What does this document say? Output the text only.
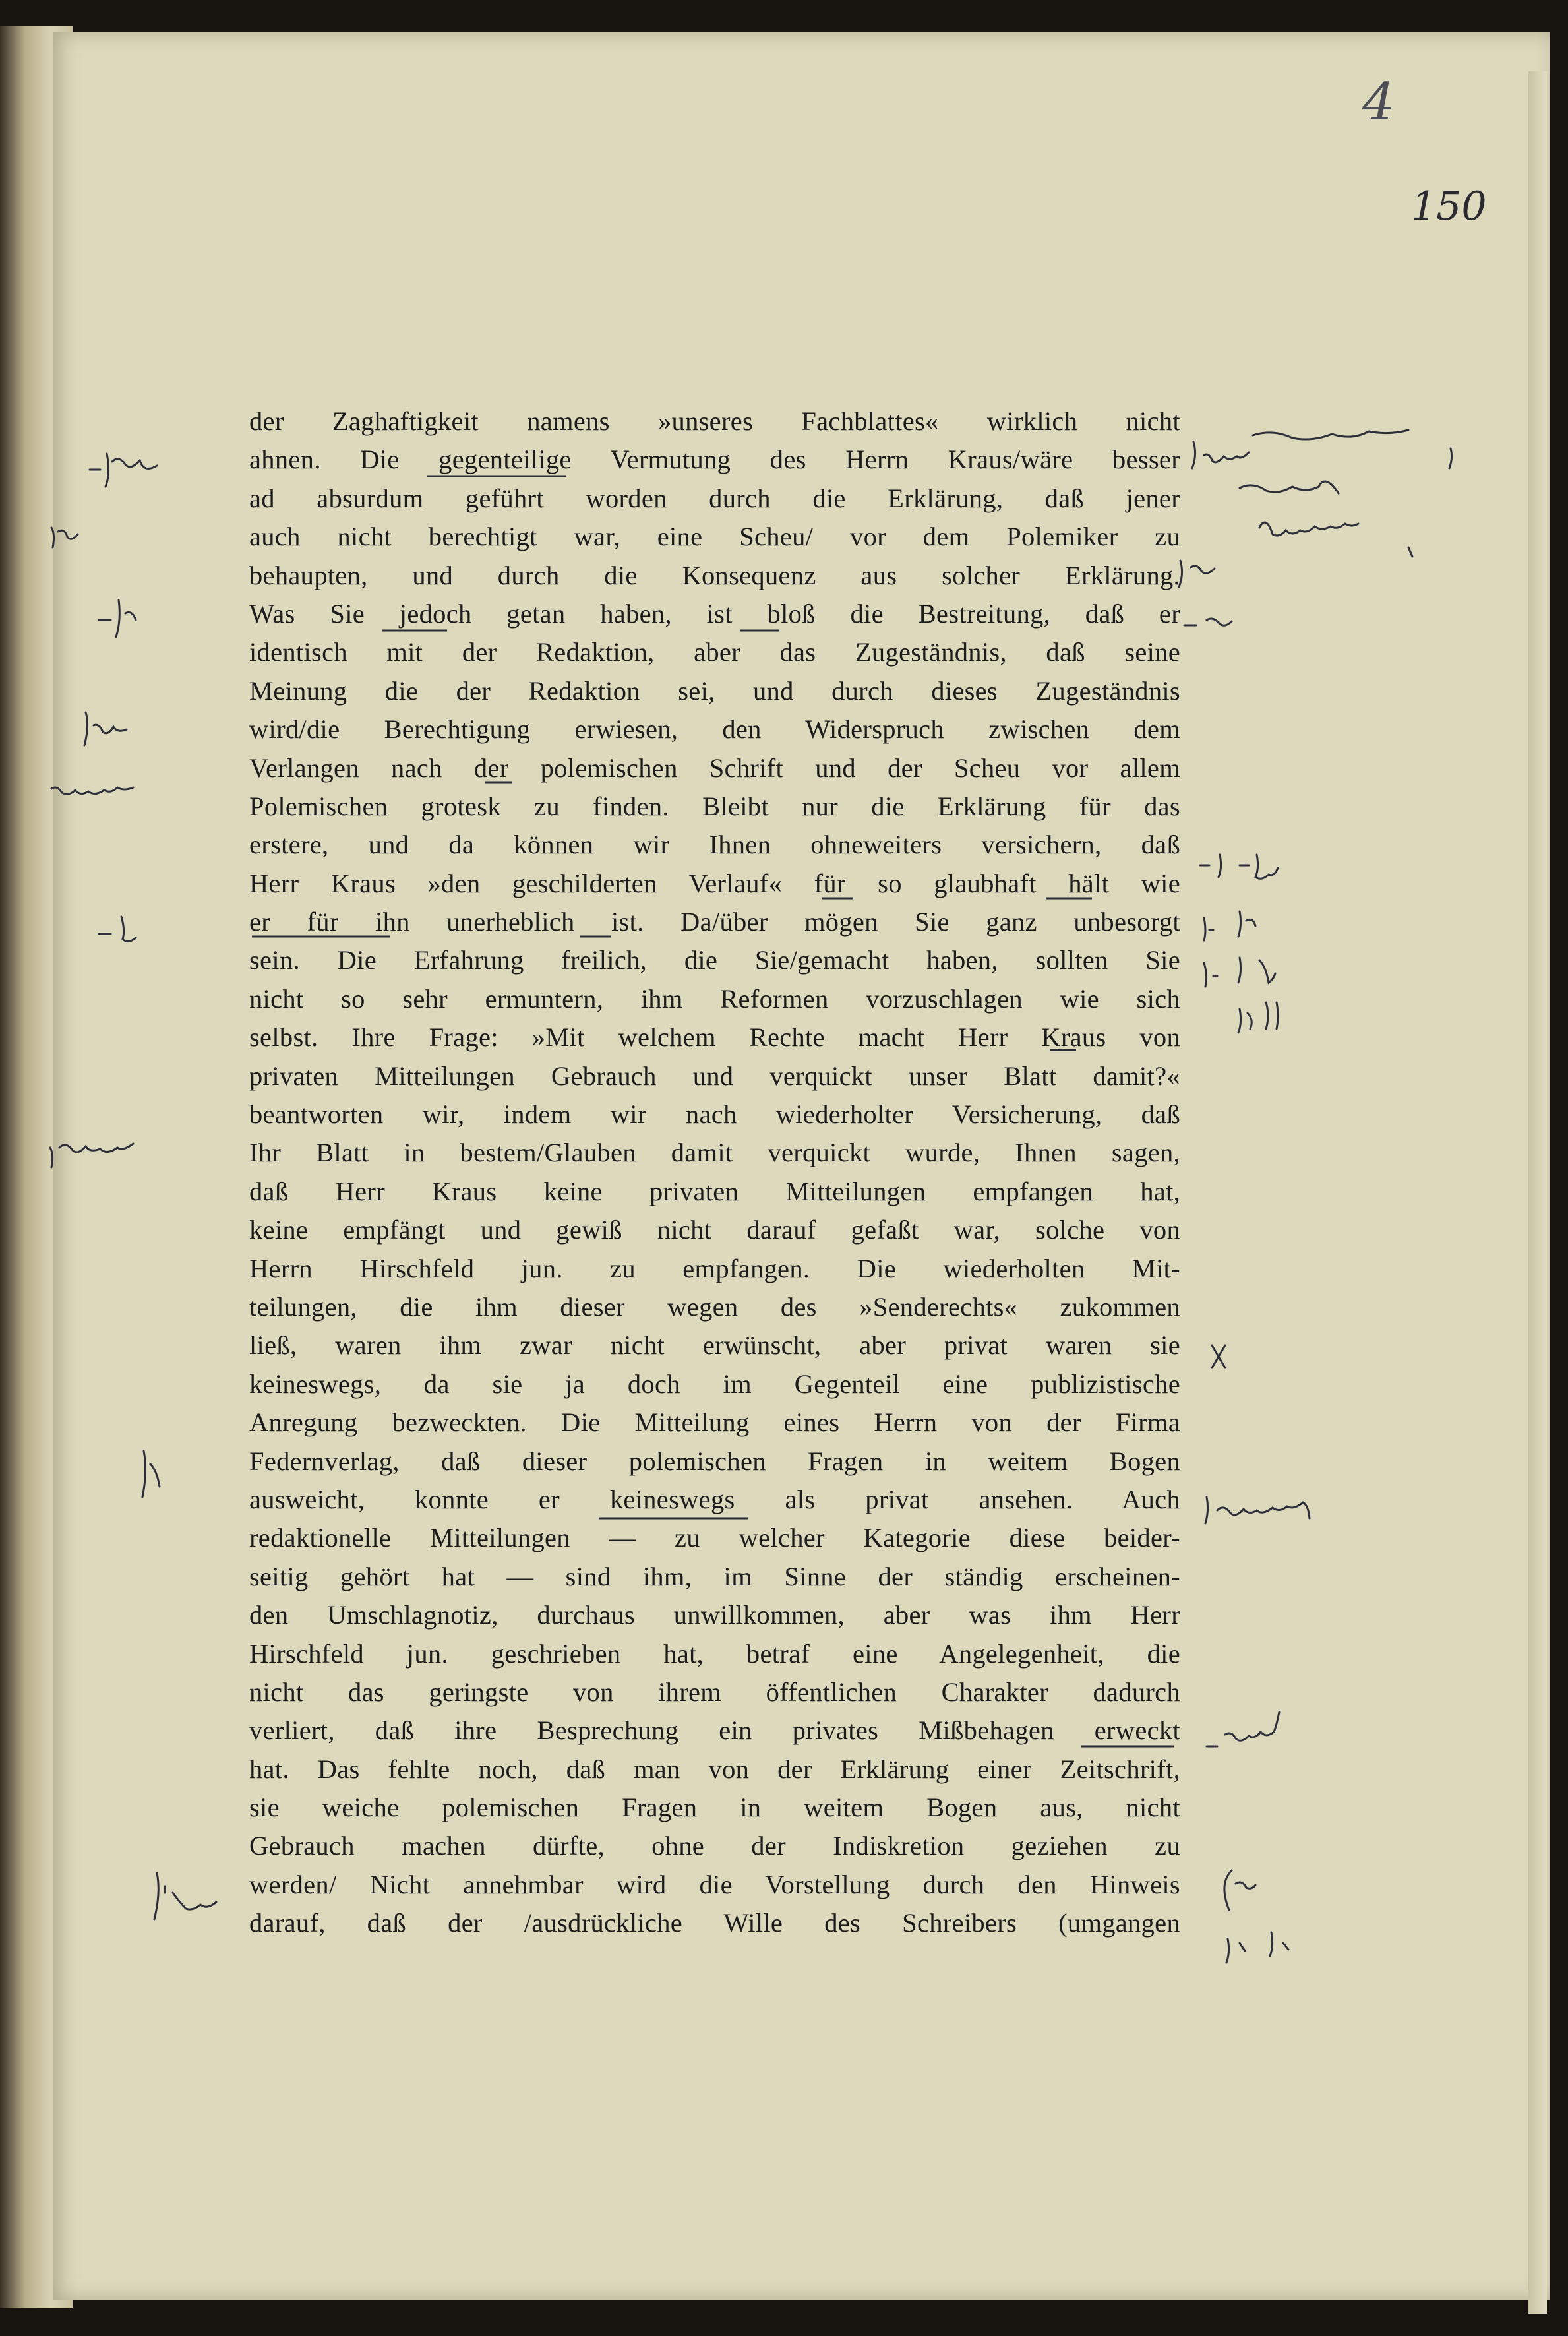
4
150
der Zaghaftigkeit namens »unseres Fachblattes« wirklich nicht
ahnen. Die gegenteilige Vermutung des Herrn Kraus/wäre besser
ad absurdum geführt worden durch die Erklärung, daß jener
auch nicht berechtigt war, eine Scheu/ vor dem Polemiker zu
behaupten, und durch die Konsequenz aus solcher Erklärung.
Was Sie jedoch getan haben, ist bloß die Bestreitung, daß er
identisch mit der Redaktion, aber das Zugeständnis, daß seine
Meinung die der Redaktion sei, und durch dieses Zugeständnis
wird/die Berechtigung erwiesen, den Widerspruch zwischen dem
Verlangen nach der polemischen Schrift und der Scheu vor allem
Polemischen grotesk zu finden. Bleibt nur die Erklärung für das
erstere, und da können wir Ihnen ohneweiters versichern, daß
Herr Kraus »den geschilderten Verlauf« für so glaubhaft hält wie
er für ihn unerheblich ist. Da/über mögen Sie ganz unbesorgt
sein. Die Erfahrung freilich, die Sie/gemacht haben, sollten Sie
nicht so sehr ermuntern, ihm Reformen vorzuschlagen wie sich
selbst. Ihre Frage: »Mit welchem Rechte macht Herr Kraus von
privaten Mitteilungen Gebrauch und verquickt unser Blatt damit?«
beantworten wir, indem wir nach wiederholter Versicherung, daß
Ihr Blatt in bestem/Glauben damit verquickt wurde, Ihnen sagen,
daß Herr Kraus keine privaten Mitteilungen empfangen hat,
keine empfängt und gewiß nicht darauf gefaßt war, solche von
Herrn Hirschfeld jun. zu empfangen. Die wiederholten Mit-
teilungen, die ihm dieser wegen des »Senderechts« zukommen
ließ, waren ihm zwar nicht erwünscht, aber privat waren sie
keineswegs, da sie ja doch im Gegenteil eine publizistische
Anregung bezweckten. Die Mitteilung eines Herrn von der Firma
Federnverlag, daß dieser polemischen Fragen in weitem Bogen
ausweicht, konnte er keineswegs als privat ansehen. Auch
redaktionelle Mitteilungen — zu welcher Kategorie diese beider-
seitig gehört hat — sind ihm, im Sinne der ständig erscheinen-
den Umschlagnotiz, durchaus unwillkommen, aber was ihm Herr
Hirschfeld jun. geschrieben hat, betraf eine Angelegenheit, die
nicht das geringste von ihrem öffentlichen Charakter dadurch
verliert, daß ihre Besprechung ein privates Mißbehagen erweckt
hat. Das fehlte noch, daß man von der Erklärung einer Zeitschrift,
sie weiche polemischen Fragen in weitem Bogen aus, nicht
Gebrauch machen dürfte, ohne der Indiskretion geziehen zu
werden/ Nicht annehmbar wird die Vorstellung durch den Hinweis
darauf, daß der /ausdrückliche Wille des Schreibers (umgangen
